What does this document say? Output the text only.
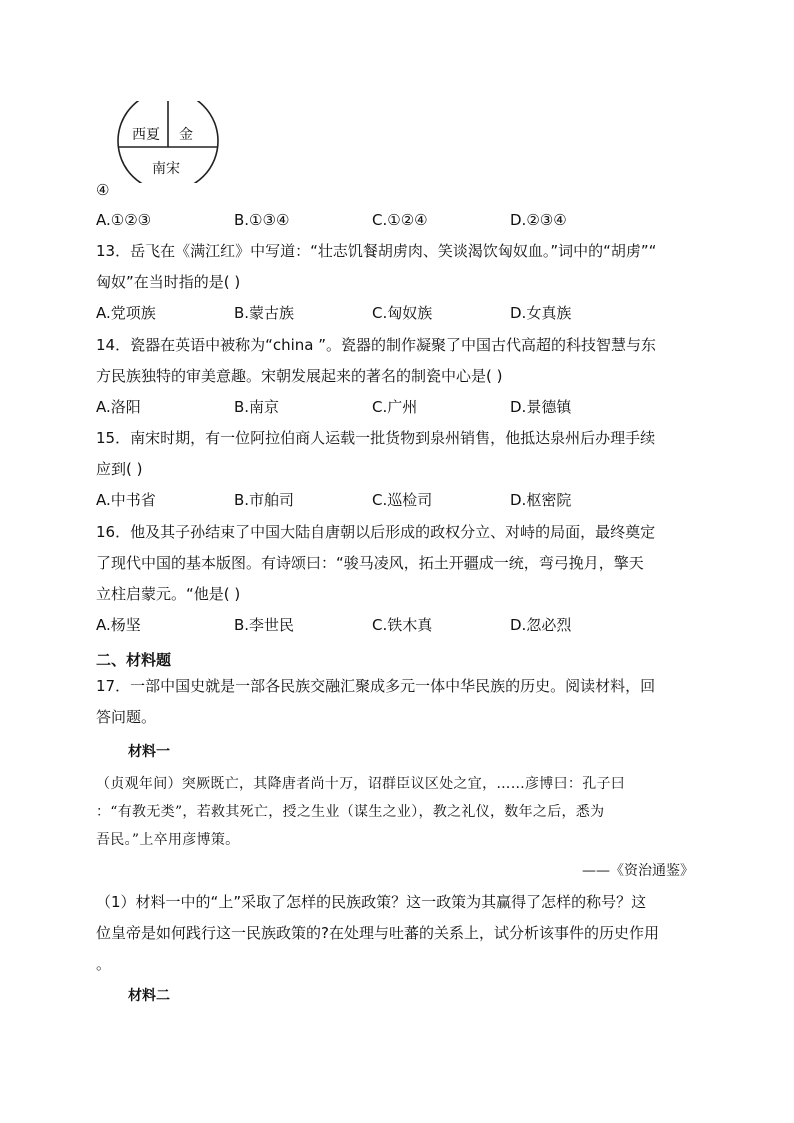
西夏 金
南宋
④
A.①②③	B.①③④	C.①②④	D.②③④
13．岳飞在《满江红》中写道：“壮志饥餐胡虏肉、笑谈渴饮匈奴血。”词中的“胡虏”“
匈奴”在当时指的是( )
A.党项族	B.蒙古族	C.匈奴族	D.女真族
14．瓷器在英语中被称为“china ”。瓷器的制作凝聚了中国古代高超的科技智慧与东
方民族独特的审美意趣。宋朝发展起来的著名的制瓷中心是( )
A.洛阳	B.南京	C.广州	D.景德镇
15．南宋时期，有一位阿拉伯商人运载一批货物到泉州销售，他抵达泉州后办理手续
应到( )
A.中书省	B.市舶司	C.巡检司	D.枢密院
16．他及其子孙结束了中国大陆自唐朝以后形成的政权分立、对峙的局面，最终奠定
了现代中国的基本版图。有诗颂曰：“骏马凌风，拓土开疆成一统，弯弓挽月，擎天
立柱启蒙元。“他是( )
A.杨坚	B.李世民	C.铁木真	D.忽必烈
二、材料题
17．一部中国史就是一部各民族交融汇聚成多元一体中华民族的历史。阅读材料，回
答问题。
材料一
（贞观年间）突厥既亡，其降唐者尚十万，诏群臣议区处之宜，……彦博曰：孔子曰
：“有教无类”，若救其死亡，授之生业（谋生之业），教之礼仪，数年之后，悉为
吾民。”上卒用彦博策。
——《资治通鉴》
（1）材料一中的“上”采取了怎样的民族政策？这一政策为其赢得了怎样的称号？这
位皇帝是如何践行这一民族政策的?在处理与吐蕃的关系上，试分析该事件的历史作用
。
材料二
